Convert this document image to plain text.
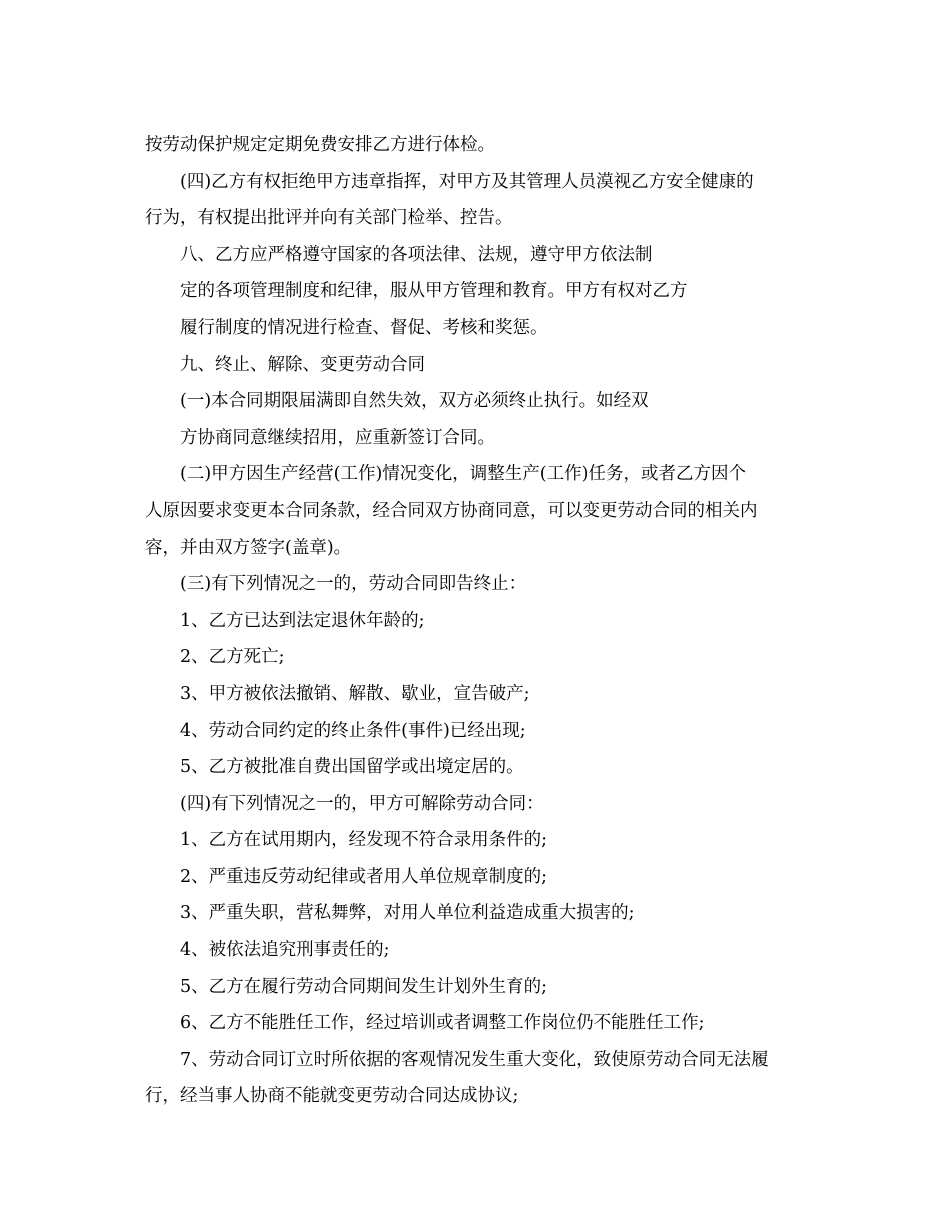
按劳动保护规定定期免费安排乙方进行体检。
(四)乙方有权拒绝甲方违章指挥，对甲方及其管理人员漠视乙方安全健康的
行为，有权提出批评并向有关部门检举、控告。
八、乙方应严格遵守国家的各项法律、法规，遵守甲方依法制
定的各项管理制度和纪律，服从甲方管理和教育。甲方有权对乙方
履行制度的情况进行检查、督促、考核和奖惩。
九、终止、解除、变更劳动合同
(一)本合同期限届满即自然失效，双方必须终止执行。如经双
方协商同意继续招用，应重新签订合同。
(二)甲方因生产经营(工作)情况变化，调整生产(工作)任务，或者乙方因个
人原因要求变更本合同条款，经合同双方协商同意，可以变更劳动合同的相关内
容，并由双方签字(盖章)。
(三)有下列情况之一的，劳动合同即告终止：
1、乙方已达到法定退休年龄的;
2、乙方死亡;
3、甲方被依法撤销、解散、歇业，宣告破产;
4、劳动合同约定的终止条件(事件)已经出现;
5、乙方被批准自费出国留学或出境定居的。
(四)有下列情况之一的，甲方可解除劳动合同：
1、乙方在试用期内，经发现不符合录用条件的;
2、严重违反劳动纪律或者用人单位规章制度的;
3、严重失职，营私舞弊，对用人单位利益造成重大损害的;
4、被依法追究刑事责任的;
5、乙方在履行劳动合同期间发生计划外生育的;
6、乙方不能胜任工作，经过培训或者调整工作岗位仍不能胜任工作;
7、劳动合同订立时所依据的客观情况发生重大变化，致使原劳动合同无法履
行，经当事人协商不能就变更劳动合同达成协议;
